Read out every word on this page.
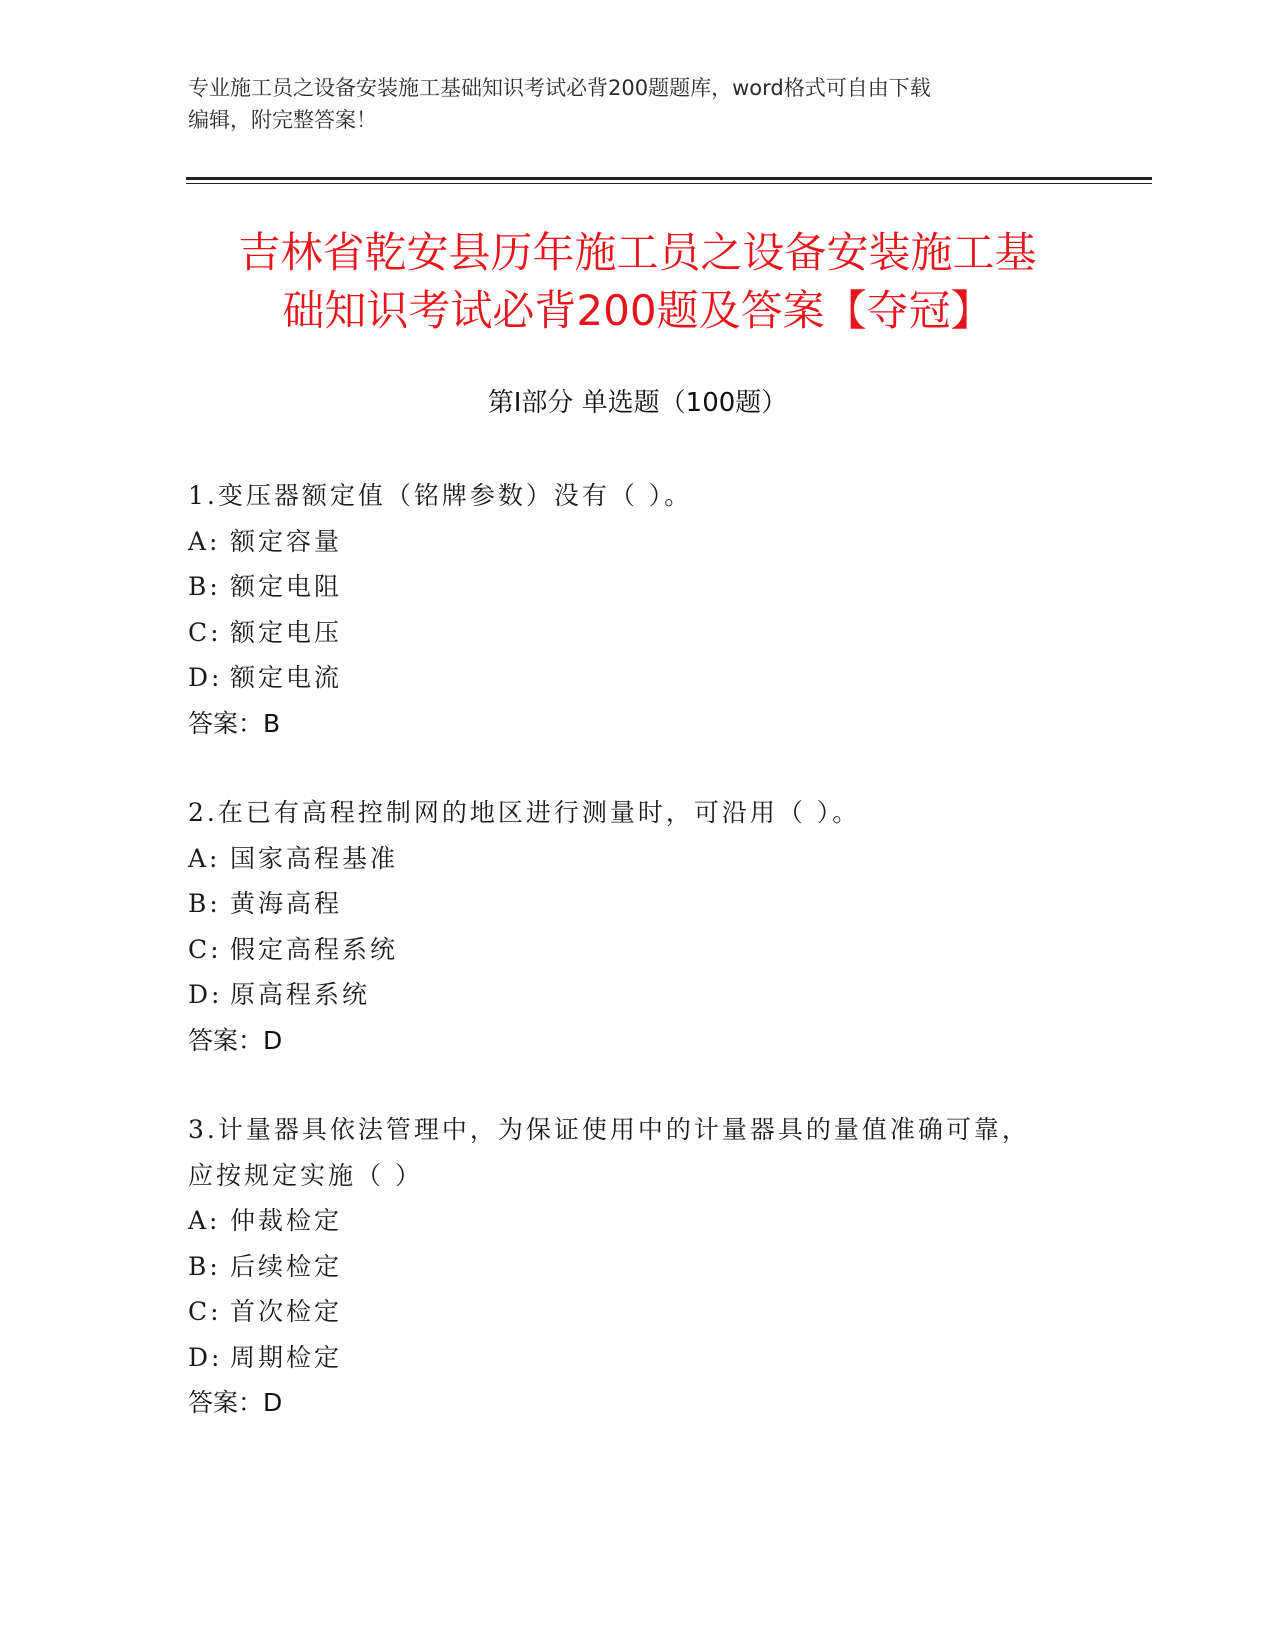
专业施工员之设备安装施工基础知识考试必背200题题库，word格式可自由下载
编辑，附完整答案！
吉林省乾安县历年施工员之设备安装施工基
础知识考试必背200题及答案【夺冠】
第Ⅰ部分 单选题（100题）
1.变压器额定值（铭牌参数）没有（ ）。
A: 额定容量
B: 额定电阻
C: 额定电压
D: 额定电流
答案：B
2.在已有高程控制网的地区进行测量时，可沿用（ ）。
A: 国家高程基准
B: 黄海高程
C: 假定高程系统
D: 原高程系统
答案：D
3.计量器具依法管理中，为保证使用中的计量器具的量值准确可靠，
应按规定实施（ ）
A: 仲裁检定
B: 后续检定
C: 首次检定
D: 周期检定
答案：D
